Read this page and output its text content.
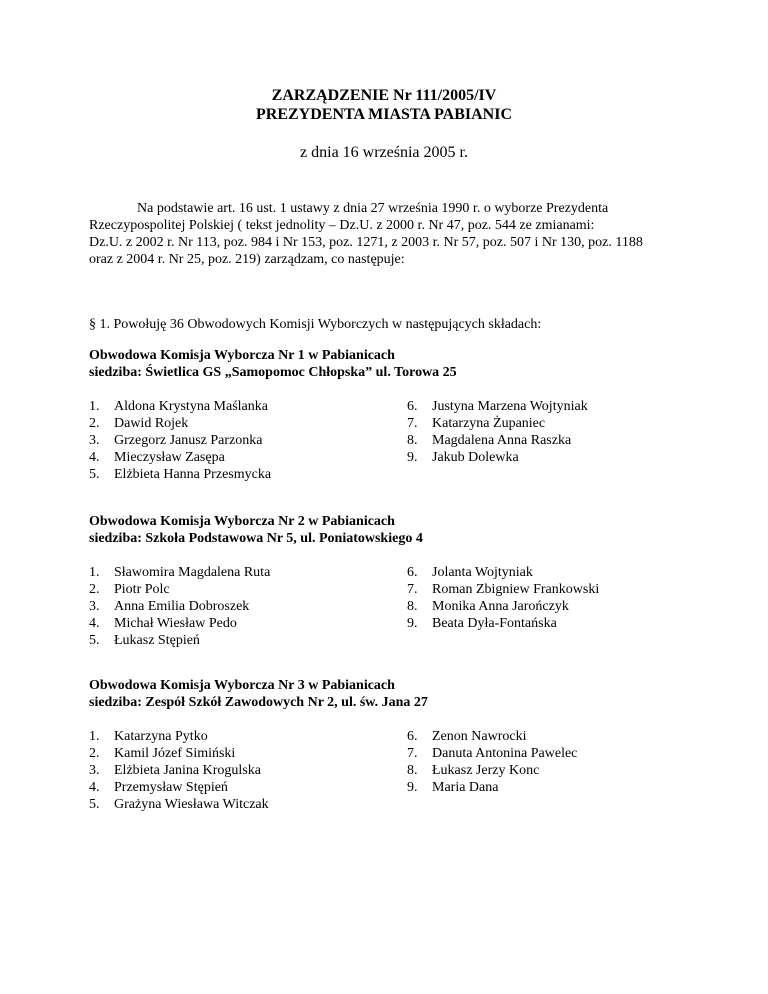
ZARZĄDZENIE Nr 111/2005/IV
PREZYDENTA MIASTA PABIANIC
z dnia 16 września 2005 r.
Na podstawie art. 16 ust. 1 ustawy z dnia 27 września 1990 r. o wyborze Prezydenta
Rzeczypospolitej Polskiej ( tekst jednolity – Dz.U. z 2000 r. Nr 47, poz. 544 ze zmianami:
Dz.U. z 2002 r. Nr 113, poz. 984 i Nr 153, poz. 1271, z 2003 r. Nr 57, poz. 507 i Nr 130, poz. 1188
oraz z 2004 r. Nr 25, poz. 219) zarządzam, co następuje:
§ 1. Powołuję 36 Obwodowych Komisji Wyborczych w następujących składach:
Obwodowa Komisja Wyborcza Nr 1 w Pabianicach
siedziba: Świetlica GS „Samopomoc Chłopska” ul. Torowa 25
1. Aldona Krystyna Maślanka
2. Dawid Rojek
3. Grzegorz Janusz Parzonka
4. Mieczysław Zasępa
5. Elżbieta Hanna Przesmycka
6. Justyna Marzena Wojtyniak
7. Katarzyna Żupaniec
8. Magdalena Anna Raszka
9. Jakub Dolewka
Obwodowa Komisja Wyborcza Nr 2 w Pabianicach
siedziba: Szkoła Podstawowa Nr 5, ul. Poniatowskiego 4
1. Sławomira Magdalena Ruta
2. Piotr Polc
3. Anna Emilia Dobroszek
4. Michał Wiesław Pedo
5. Łukasz Stępień
6. Jolanta Wojtyniak
7. Roman Zbigniew Frankowski
8. Monika Anna Jarończyk
9. Beata Dyła-Fontańska
Obwodowa Komisja Wyborcza Nr 3 w Pabianicach
siedziba: Zespół Szkół Zawodowych Nr 2, ul. św. Jana 27
1. Katarzyna Pytko
2. Kamil Józef Simiński
3. Elżbieta Janina Krogulska
4. Przemysław Stępień
5. Grażyna Wiesława Witczak
6. Zenon Nawrocki
7. Danuta Antonina Pawelec
8. Łukasz Jerzy Konc
9. Maria Dana
